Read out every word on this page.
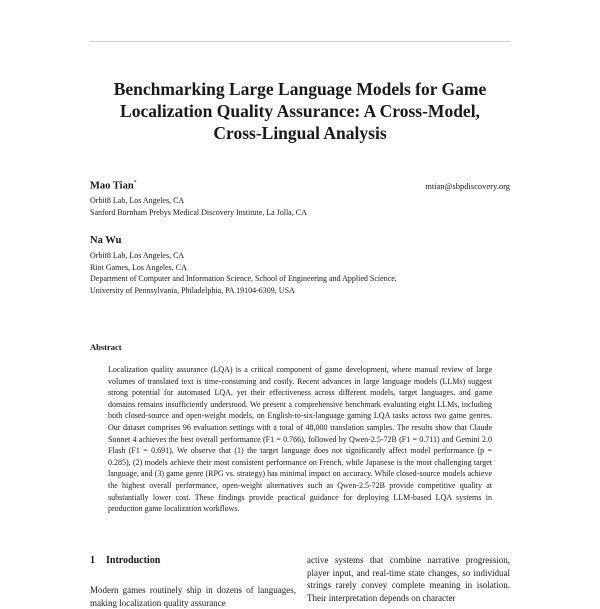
Benchmarking Large Language Models for Game
Localization Quality Assurance: A Cross-Model,
Cross-Lingual Analysis
Mao Tian*	mtian@sbpdiscovery.org
Orbit8 Lab, Los Angeles, CA
Sanford Burnham Prebys Medical Discovery Institute, La Jolla, CA
Na Wu
Orbit8 Lab, Los Angeles, CA
Riot Games, Los Angeles, CA
Department of Computer and Information Science, School of Engineering and Applied Science,
University of Pennsylvania, Philadelphia, PA 19104-6309, USA
Abstract
Localization quality assurance (LQA) is a critical component of game development, where manual review of large volumes of translated text is time-consuming and costly. Recent advances in large language models (LLMs) suggest strong potential for automated LQA, yet their effectiveness across different models, target languages, and game domains remains insufficiently understood. We present a comprehensive benchmark evaluating eight LLMs, including both closed-source and open-weight models, on English-to-six-language gaming LQA tasks across two game genres. Our dataset comprises 96 evaluation settings with a total of 48,000 translation samples. The results show that Claude Sonnet 4 achieves the best overall performance (F1 = 0.766), followed by Qwen-2.5-72B (F1 = 0.711) and Gemini 2.0 Flash (F1 = 0.691). We observe that (1) the target language does not significantly affect model performance (p = 0.285), (2) models achieve their most consistent performance on French, while Japanese is the most challenging target language, and (3) game genre (RPG vs. strategy) has minimal impact on accuracy. While closed-source models achieve the highest overall performance, open-weight alternatives such as Qwen-2.5-72B provide competitive quality at substantially lower cost. These findings provide practical guidance for deploying LLM-based LQA systems in production game localization workflows.
1 Introduction
Modern games routinely ship in dozens of languages, making localization quality assurance
active systems that combine narrative progression, player input, and real-time state changes, so individual strings rarely convey complete meaning in isolation. Their interpretation depends on character
